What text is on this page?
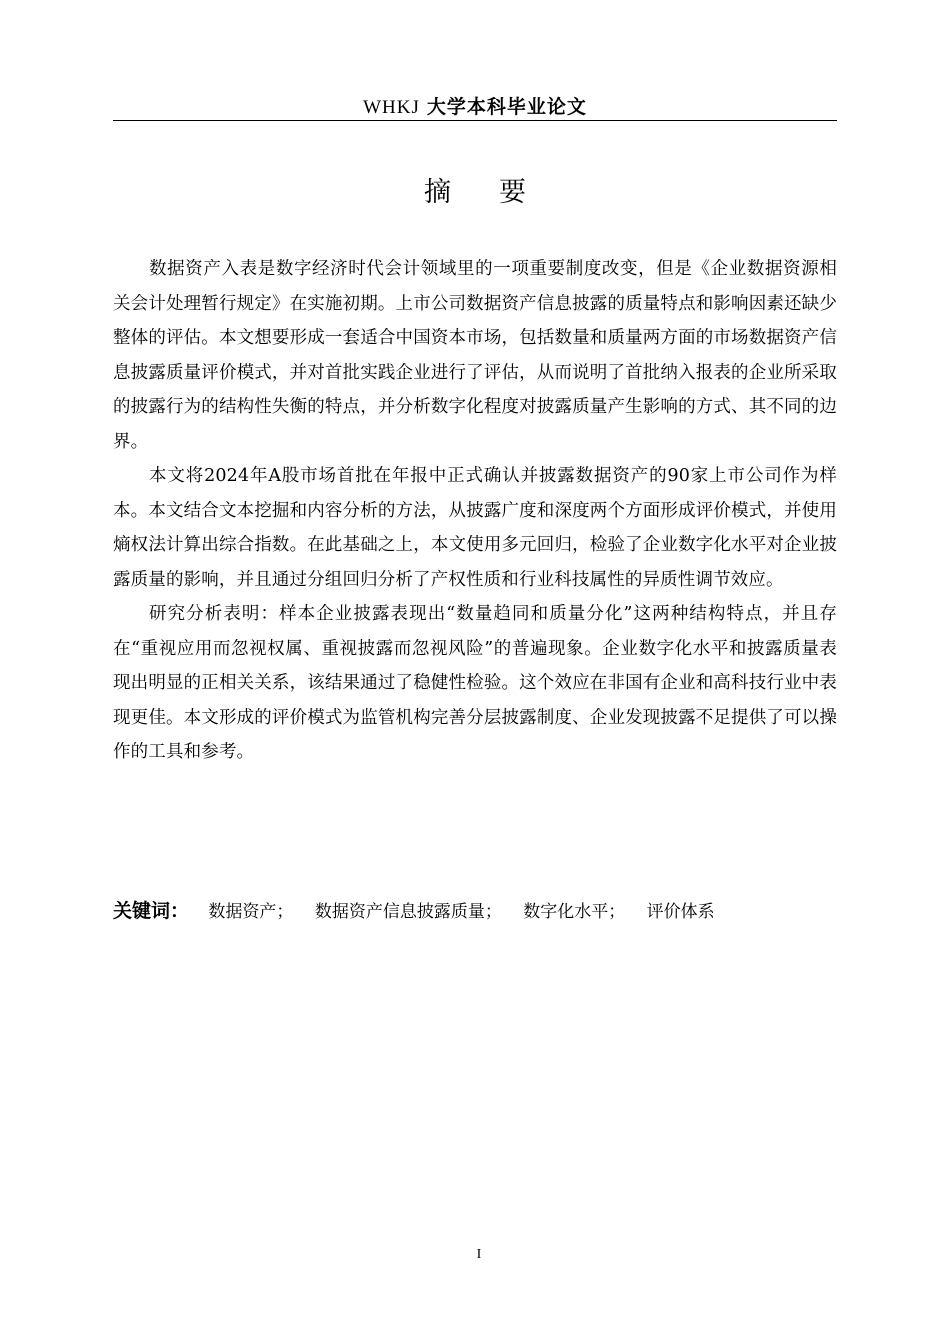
WHKJ 大学本科毕业论文
摘要

数据资产入表是数字经济时代会计领域里的一项重要制度改变，但是《企业数据资源相关会计处理暂行规定》在实施初期。上市公司数据资产信息披露的质量特点和影响因素还缺少整体的评估。本文想要形成一套适合中国资本市场，包括数量和质量两方面的市场数据资产信息披露质量评价模式，并对首批实践企业进行了评估，从而说明了首批纳入报表的企业所采取的披露行为的结构性失衡的特点，并分析数字化程度对披露质量产生影响的方式、其不同的边界。

本文将2024年A股市场首批在年报中正式确认并披露数据资产的90家上市公司作为样本。本文结合文本挖掘和内容分析的方法，从披露广度和深度两个方面形成评价模式，并使用熵权法计算出综合指数。在此基础之上，本文使用多元回归，检验了企业数字化水平对企业披露质量的影响，并且通过分组回归分析了产权性质和行业科技属性的异质性调节效应。

研究分析表明：样本企业披露表现出“数量趋同和质量分化”这两种结构特点，并且存在“重视应用而忽视权属、重视披露而忽视风险”的普遍现象。企业数字化水平和披露质量表现出明显的正相关关系，该结果通过了稳健性检验。这个效应在非国有企业和高科技行业中表现更佳。本文形成的评价模式为监管机构完善分层披露制度、企业发现披露不足提供了可以操作的工具和参考。

关键词： 数据资产； 数据资产信息披露质量； 数字化水平； 评价体系
I
